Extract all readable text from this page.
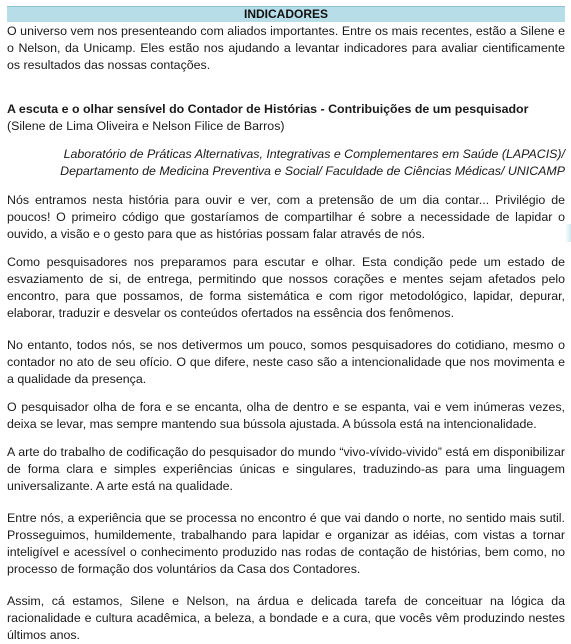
INDICADORES

O universo vem nos presenteando com aliados importantes. Entre os mais recentes, estão a Silene e o Nelson, da Unicamp. Eles estão nos ajudando a levantar indicadores para avaliar cientificamente os resultados das nossas contações.

A escuta e o olhar sensível do Contador de Histórias - Contribuições de um pesquisador

(Silene de Lima Oliveira e Nelson Filice de Barros)

Laboratório de Práticas Alternativas, Integrativas e Complementares em Saúde (LAPACIS)/

Departamento de Medicina Preventiva e Social/ Faculdade de Ciências Médicas/ UNICAMP

Nós entramos nesta história para ouvir e ver, com a pretensão de um dia contar... Privilégio de poucos! O primeiro código que gostaríamos de compartilhar é sobre a necessidade de lapidar o ouvido, a visão e o gesto para que as histórias possam falar através de nós.

Como pesquisadores nos preparamos para escutar e olhar. Esta condição pede um estado de esvaziamento de si, de entrega, permitindo que nossos corações e mentes sejam afetados pelo encontro, para que possamos, de forma sistemática e com rigor metodológico, lapidar, depurar, elaborar, traduzir e desvelar os conteúdos ofertados na essência dos fenômenos.

No entanto, todos nós, se nos detivermos um pouco, somos pesquisadores do cotidiano, mesmo o contador no ato de seu ofício. O que difere, neste caso são a intencionalidade que nos movimenta e a qualidade da presença.

O pesquisador olha de fora e se encanta, olha de dentro e se espanta, vai e vem inúmeras vezes, deixa se levar, mas sempre mantendo sua bússola ajustada. A bússola está na intencionalidade.

A arte do trabalho de codificação do pesquisador do mundo “vivo-vívido-vivido” está em disponibilizar de forma clara e simples experiências únicas e singulares, traduzindo-as para uma linguagem universalizante. A arte está na qualidade.

Entre nós, a experiência que se processa no encontro é que vai dando o norte, no sentido mais sutil. Prosseguimos, humildemente, trabalhando para lapidar e organizar as idéias, com vistas a tornar inteligível e acessível o conhecimento produzido nas rodas de contação de histórias, bem como, no processo de formação dos voluntários da Casa dos Contadores.

Assim, cá estamos, Silene e Nelson, na árdua e delicada tarefa de conceituar na lógica da racionalidade e cultura acadêmica, a beleza, a bondade e a cura, que vocês vêm produzindo nestes últimos anos.
